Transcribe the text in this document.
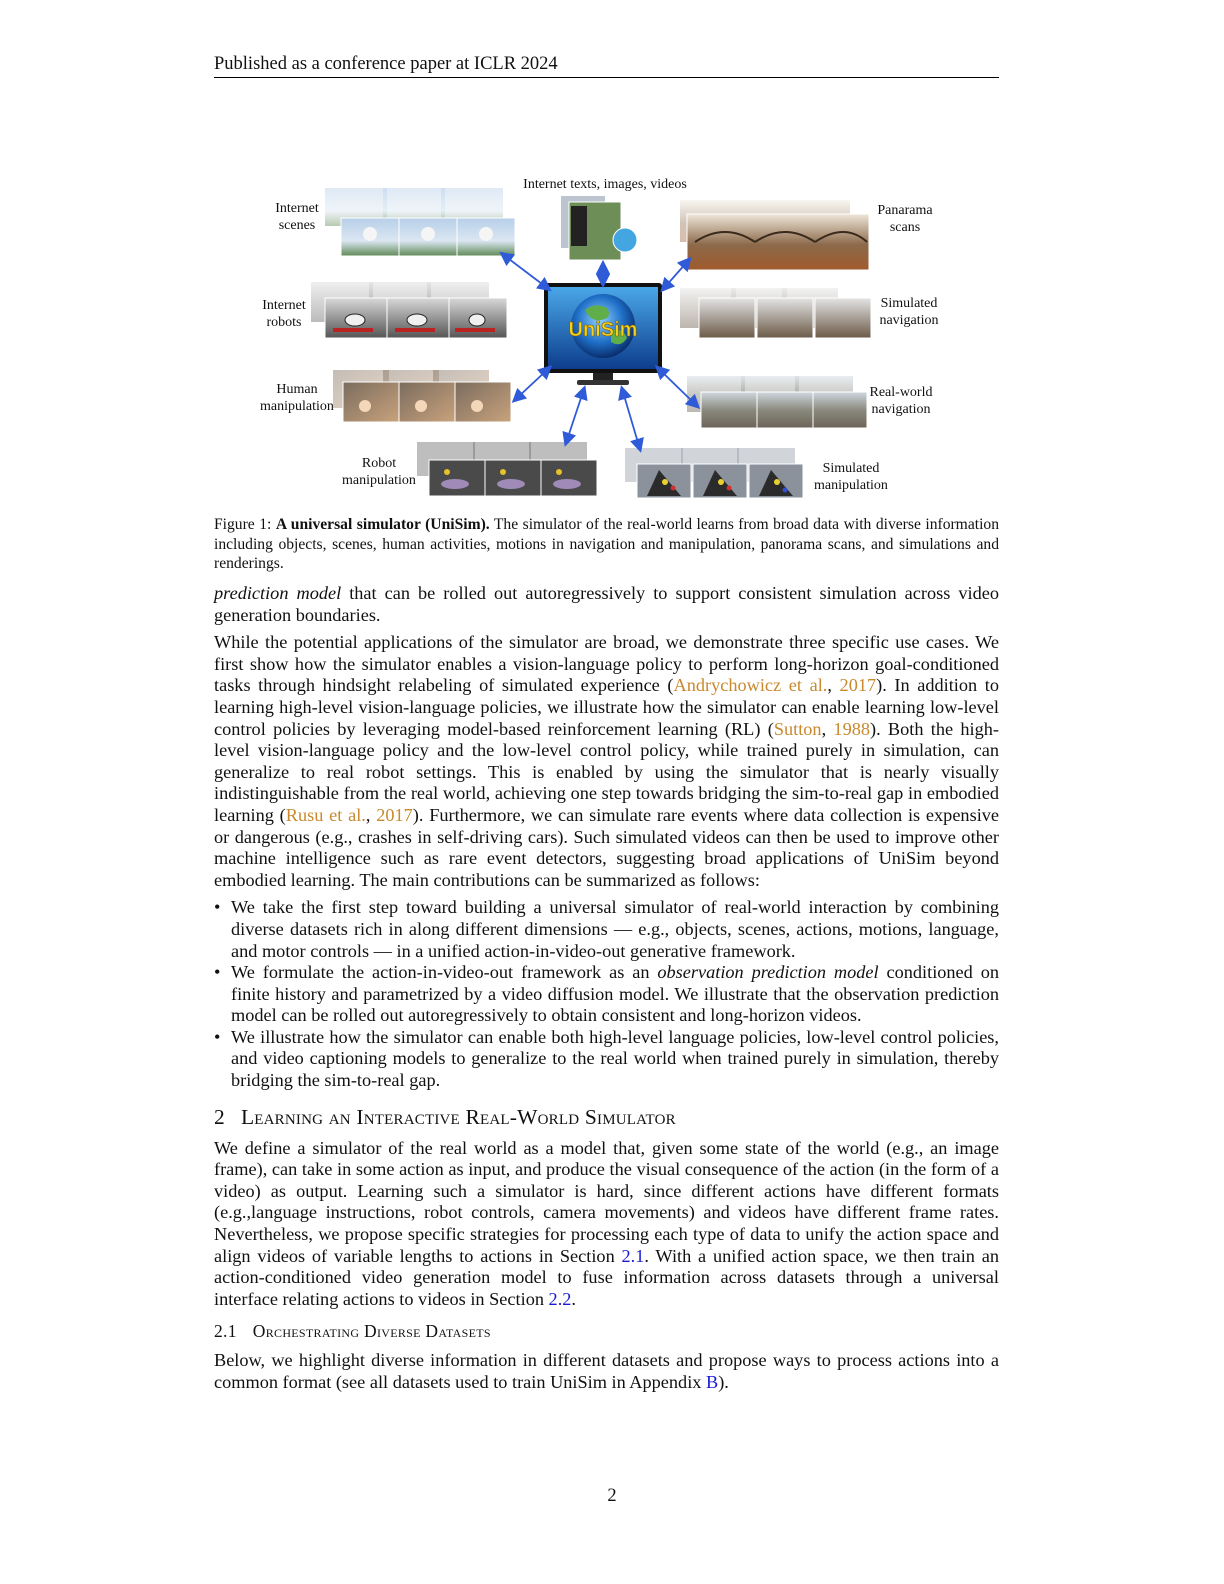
Published as a conference paper at ICLR 2024
UniSim
Internet texts, images, videos
Internet
scenes
Internet
robots
Human
manipulation
Robot
manipulation
Panarama
scans
Simulated
navigation
Real-world
navigation
Simulated
manipulation
Figure 1: A universal simulator (UniSim). The simulator of the real-world learns from broad data with diverse information including objects, scenes, human activities, motions in navigation and manipulation, panorama scans, and simulations and renderings.

prediction model that can be rolled out autoregressively to support consistent simulation across video generation boundaries.

While the potential applications of the simulator are broad, we demonstrate three specific use cases. We first show how the simulator enables a vision-language policy to perform long-horizon goal-conditioned tasks through hindsight relabeling of simulated experience (Andrychowicz et al., 2017). In addition to learning high-level vision-language policies, we illustrate how the simulator can enable learning low-level control policies by leveraging model-based reinforcement learning (RL) (Sutton, 1988). Both the high-level vision-language policy and the low-level control policy, while trained purely in simulation, can generalize to real robot settings. This is enabled by using the simulator that is nearly visually indistinguishable from the real world, achieving one step towards bridging the sim-to-real gap in embodied learning (Rusu et al., 2017). Furthermore, we can simulate rare events where data collection is expensive or dangerous (e.g., crashes in self-driving cars). Such simulated videos can then be used to improve other machine intelligence such as rare event detectors, suggesting broad applications of UniSim beyond embodied learning. The main contributions can be summarized as follows:

• We take the first step toward building a universal simulator of real-world interaction by combining diverse datasets rich in along different dimensions — e.g., objects, scenes, actions, motions, language, and motor controls — in a unified action-in-video-out generative framework.
• We formulate the action-in-video-out framework as an observation prediction model conditioned on finite history and parametrized by a video diffusion model. We illustrate that the observation prediction model can be rolled out autoregressively to obtain consistent and long-horizon videos.
• We illustrate how the simulator can enable both high-level language policies, low-level control policies, and video captioning models to generalize to the real world when trained purely in simulation, thereby bridging the sim-to-real gap.
2 Learning an Interactive Real-World Simulator

We define a simulator of the real world as a model that, given some state of the world (e.g., an image frame), can take in some action as input, and produce the visual consequence of the action (in the form of a video) as output. Learning such a simulator is hard, since different actions have different formats (e.g.,language instructions, robot controls, camera movements) and videos have different frame rates. Nevertheless, we propose specific strategies for processing each type of data to unify the action space and align videos of variable lengths to actions in Section 2.1. With a unified action space, we then train an action-conditioned video generation model to fuse information across datasets through a universal interface relating actions to videos in Section 2.2.

2.1 Orchestrating Diverse Datasets

Below, we highlight diverse information in different datasets and propose ways to process actions into a common format (see all datasets used to train UniSim in Appendix B).

2
